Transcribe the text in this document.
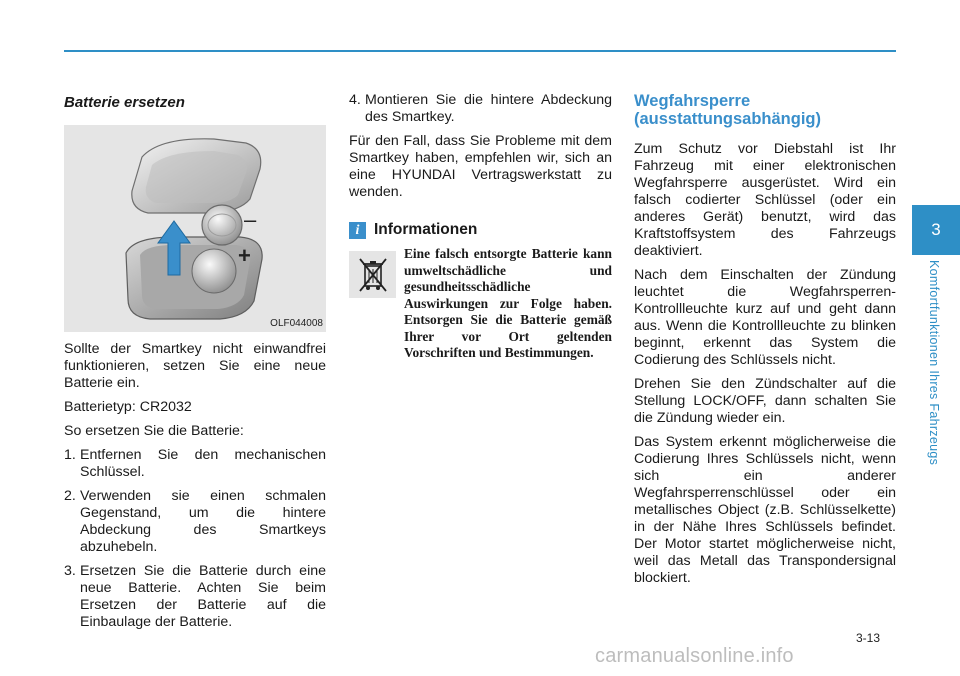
Batterie ersetzen
–
+
OLF044008

Sollte der Smartkey nicht einwandfrei funktionieren, setzen Sie eine neue Batterie ein.

Batterietyp: CR2032

So ersetzen Sie die Batterie:

1. Entfernen Sie den mechanischen Schlüssel.
2. Verwenden sie einen schmalen Gegenstand, um die hintere Abdeckung des Smartkeys abzuhebeln.
3. Ersetzen Sie die Batterie durch eine neue Batterie. Achten Sie beim Ersetzen der Batterie auf die Einbaulage der Batterie.
4. Montieren Sie die hintere Abdeckung des Smartkey.

Für den Fall, dass Sie Probleme mit dem Smartkey haben, empfehlen wir, sich an eine HYUNDAI Vertragswerkstatt zu wenden.

i Informationen
Eine falsch entsorgte Batterie kann umweltschädliche und gesundheitsschädliche Auswirkungen zur Folge haben. Entsorgen Sie die Batterie gemäß Ihrer vor Ort geltenden Vorschriften und Bestimmungen.
Wegfahrsperre
(ausstattungsabhängig)

Zum Schutz vor Diebstahl ist Ihr Fahrzeug mit einer elektronischen Wegfahrsperre ausgerüstet. Wird ein falsch codierter Schlüssel (oder ein anderes Gerät) benutzt, wird das Kraftstoffsystem des Fahrzeugs deaktiviert.

Nach dem Einschalten der Zündung leuchtet die Wegfahrsperren-Kontrollleuchte kurz auf und geht dann aus. Wenn die Kontrollleuchte zu blinken beginnt, erkennt das System die Codierung des Schlüssels nicht.

Drehen Sie den Zündschalter auf die Stellung LOCK/OFF, dann schalten Sie die Zündung wieder ein.

Das System erkennt möglicherweise die Codierung Ihres Schlüssels nicht, wenn sich ein anderer Wegfahrsperrenschlüssel oder ein metallisches Object (z.B. Schlüsselkette) in der Nähe Ihres Schlüssels befindet. Der Motor startet möglicherweise nicht, weil das Metall das Transpondersignal blockiert.

3
Komfortfunktionen Ihres Fahrzeugs
3-13
carmanualsonline.info
